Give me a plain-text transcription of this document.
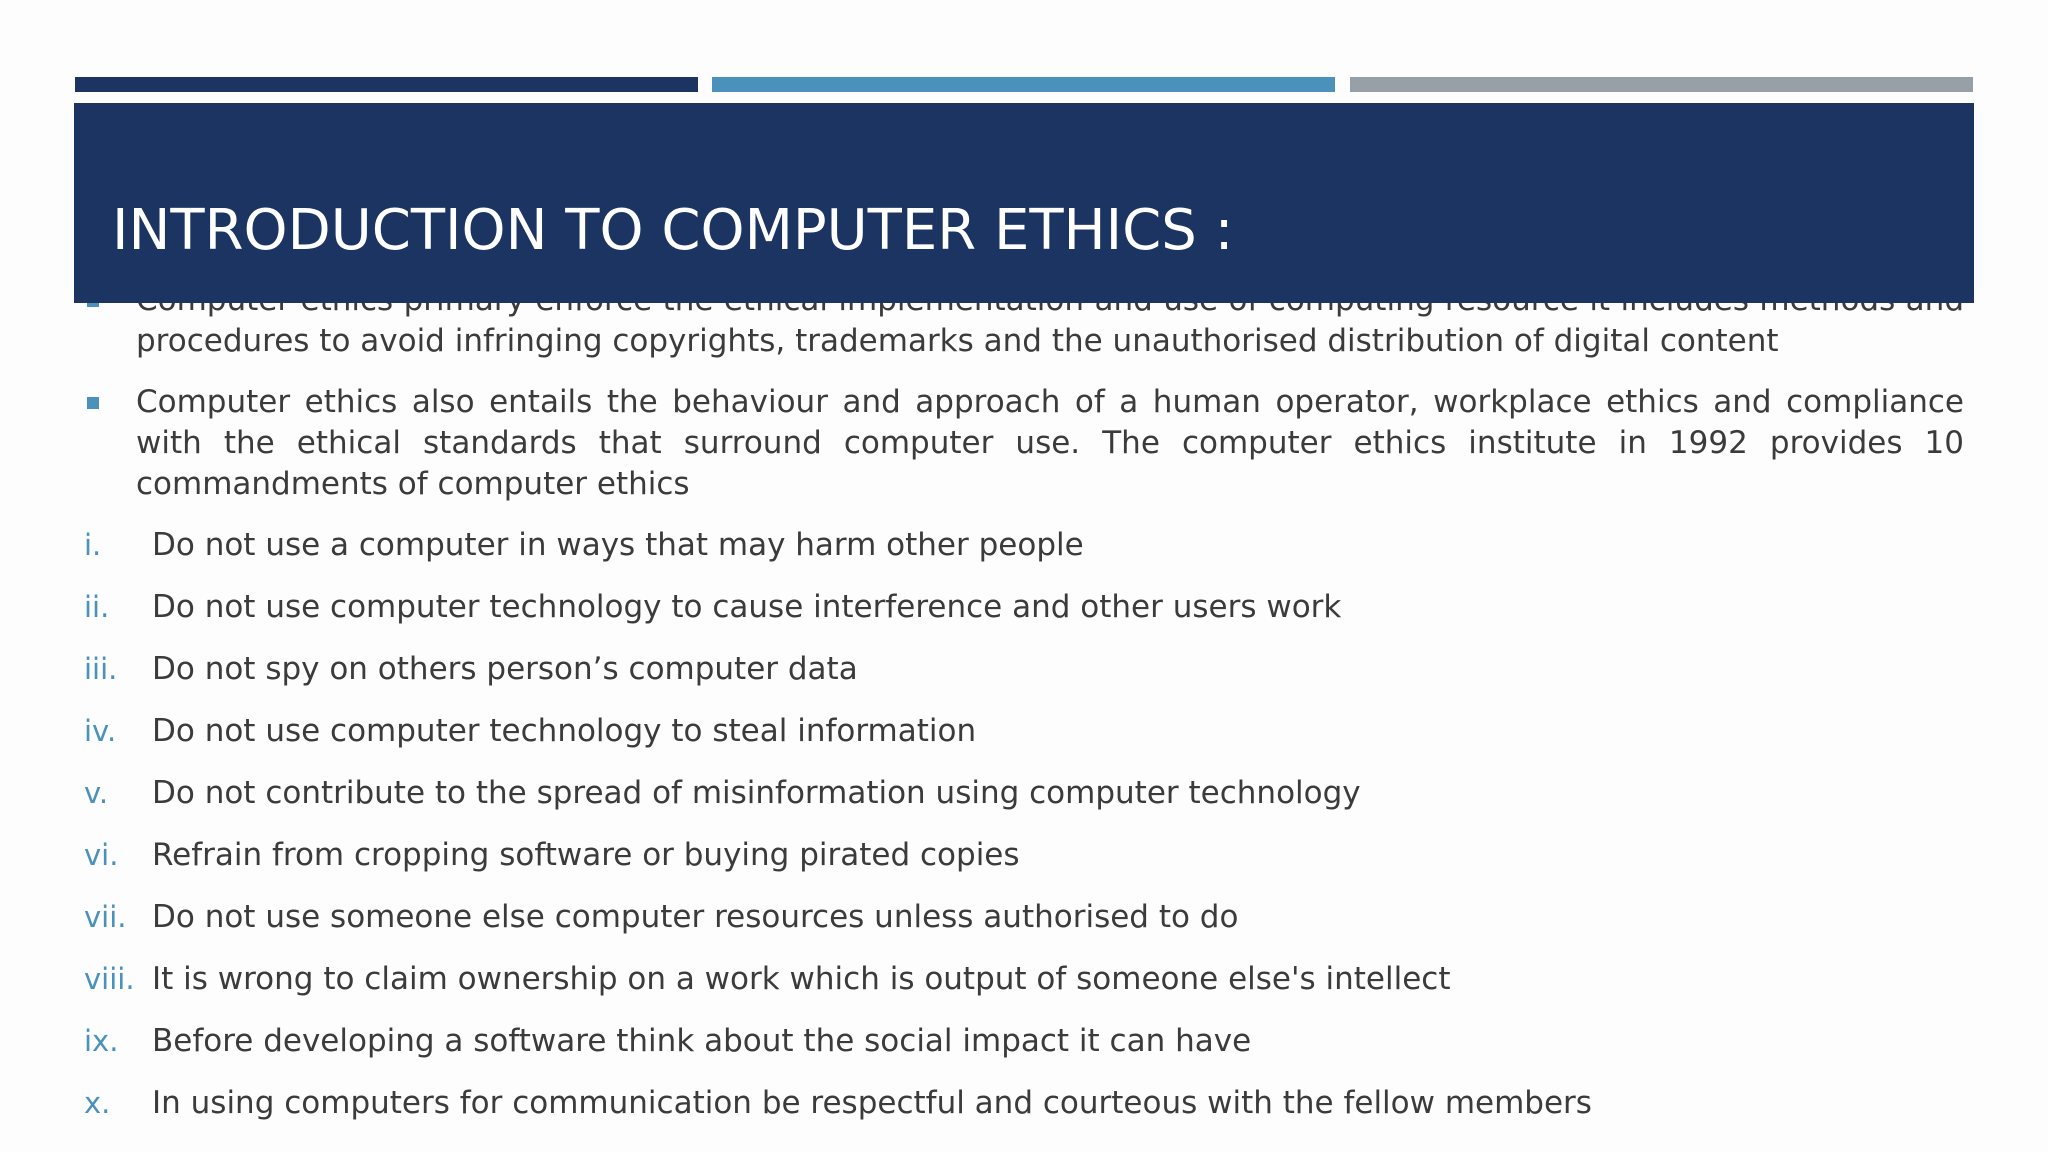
procedures to avoid infringing copyrights, trademarks and the unauthorised distribution of digital content
Computer ethics also entails the behaviour and approach of a human operator, workplace ethics and compliance with the ethical standards that surround computer use. The computer ethics institute in 1992 provides 10 commandments of computer ethics
i. Do not use a computer in ways that may harm other people
ii. Do not use computer technology to cause interference and other users work
iii. Do not spy on others person’s computer data
iv. Do not use computer technology to steal information
v. Do not contribute to the spread of misinformation using computer technology
vi. Refrain from cropping software or buying pirated copies
vii. Do not use someone else computer resources unless authorised to do
viii. It is wrong to claim ownership on a work which is output of someone else's intellect
ix. Before developing a software think about the social impact it can have
x. In using computers for communication be respectful and courteous with the fellow members
INTRODUCTION TO COMPUTER ETHICS :
